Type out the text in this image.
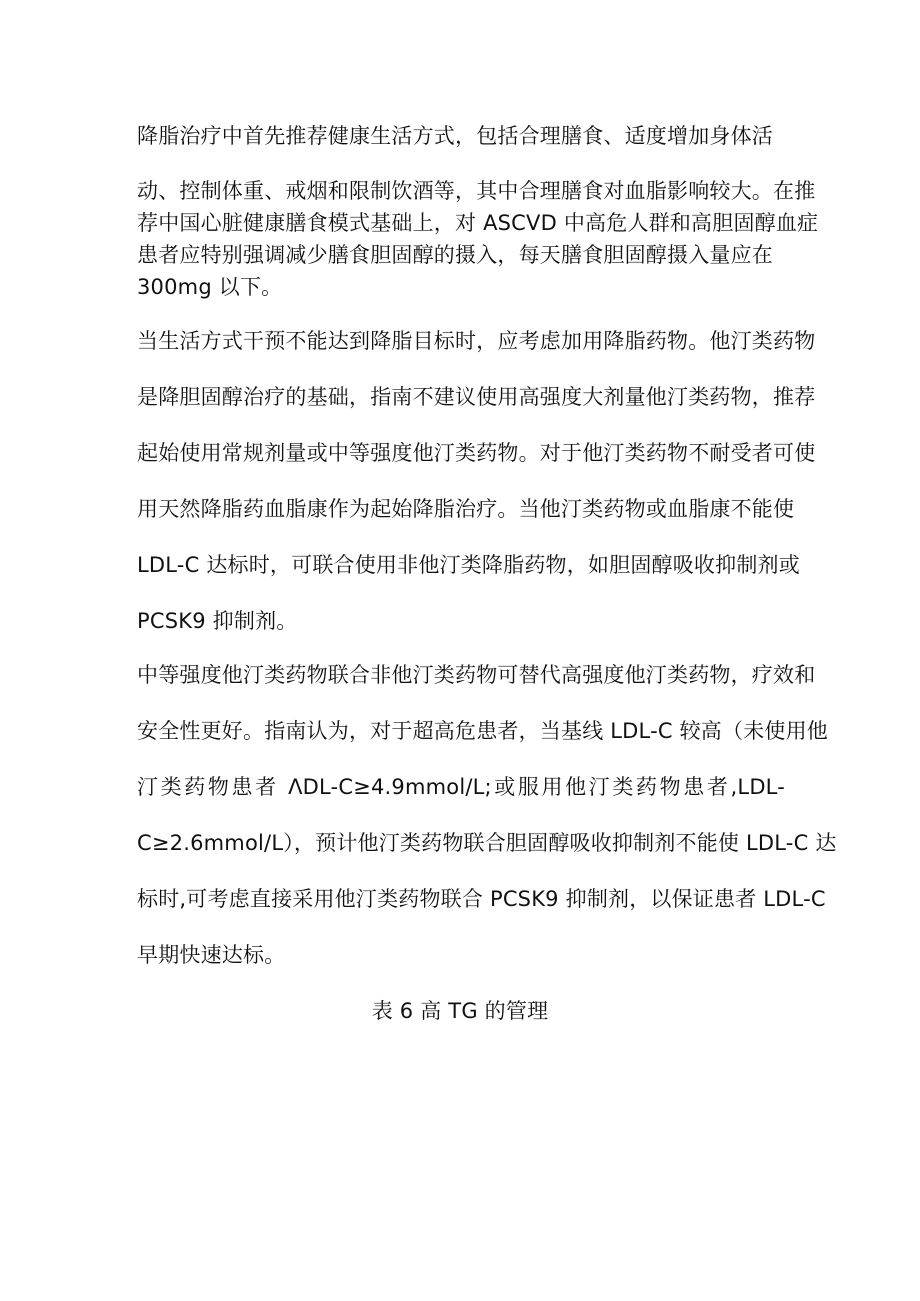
降脂治疗中首先推荐健康生活方式，包括合理膳食、适度增加身体活
动、控制体重、戒烟和限制饮酒等，其中合理膳食对血脂影响较大。在推
荐中国心脏健康膳食模式基础上，对 ASCVD 中高危人群和高胆固醇血症
患者应特别强调减少膳食胆固醇的摄入，每天膳食胆固醇摄入量应在
300mg 以下。
当生活方式干预不能达到降脂目标时，应考虑加用降脂药物。他汀类药物
是降胆固醇治疗的基础，指南不建议使用高强度大剂量他汀类药物，推荐
起始使用常规剂量或中等强度他汀类药物。对于他汀类药物不耐受者可使
用天然降脂药血脂康作为起始降脂治疗。当他汀类药物或血脂康不能使
LDL-C 达标时，可联合使用非他汀类降脂药物，如胆固醇吸收抑制剂或
PCSK9 抑制剂。
中等强度他汀类药物联合非他汀类药物可替代高强度他汀类药物，疗效和
安全性更好。指南认为，对于超高危患者，当基线 LDL-C 较高（未使用他
汀类药物患者 ΛDL-C≥4.9mmol/L;或服用他汀类药物患者,LDL-
C≥2.6mmol/L），预计他汀类药物联合胆固醇吸收抑制剂不能使 LDL-C 达
标时,可考虑直接采用他汀类药物联合 PCSK9 抑制剂，以保证患者 LDL-C
早期快速达标。
表 6 高 TG 的管理
